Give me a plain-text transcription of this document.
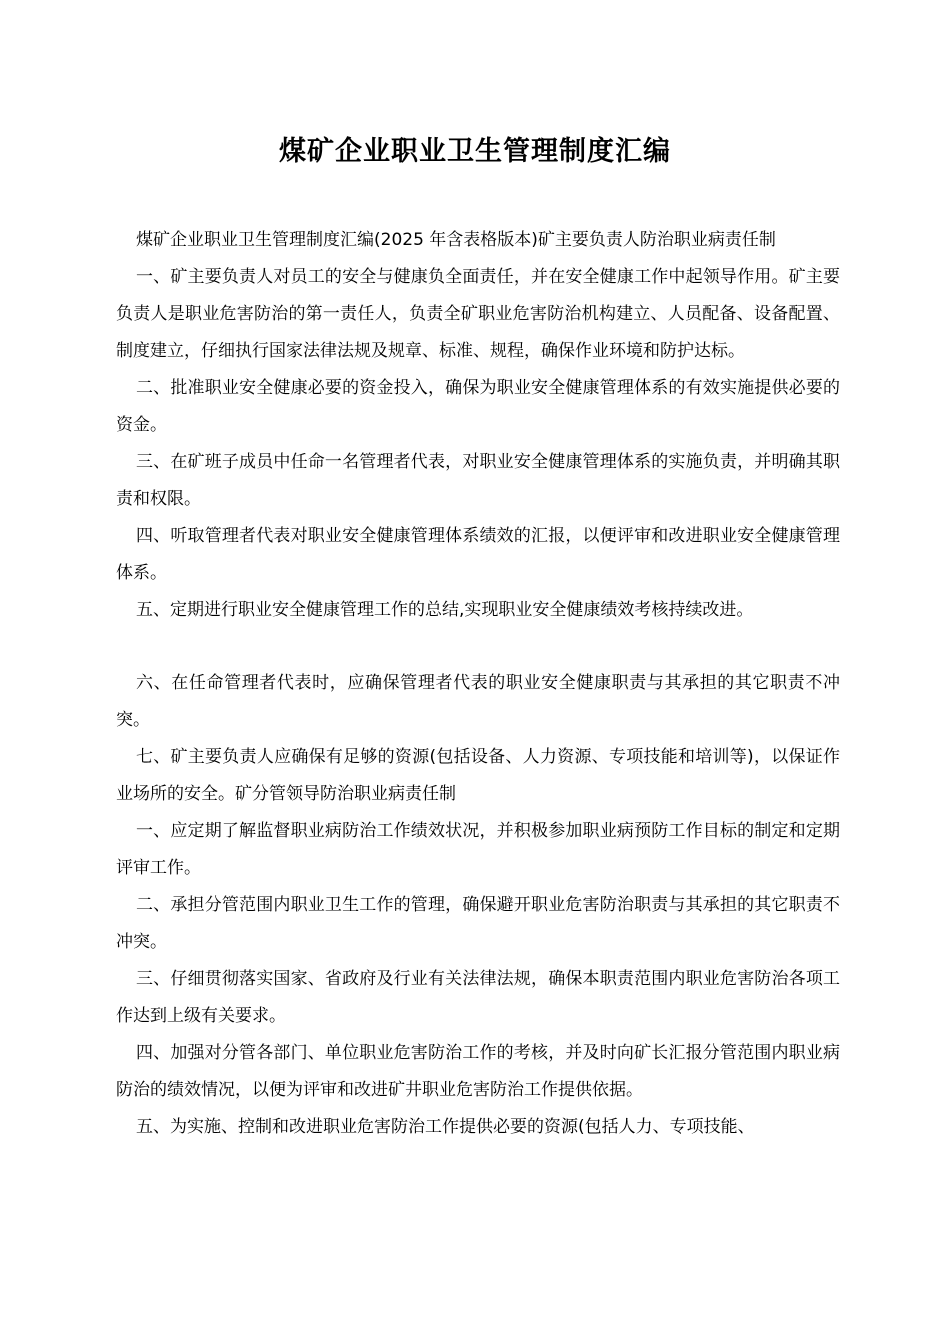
煤矿企业职业卫生管理制度汇编

煤矿企业职业卫生管理制度汇编(2025 年含表格版本)矿主要负责人防治职业病责任制

一、矿主要负责人对员工的安全与健康负全面责任，并在安全健康工作中起领导作用。矿主要负责人是职业危害防治的第一责任人，负责全矿职业危害防治机构建立、人员配备、设备配置、制度建立，仔细执行国家法律法规及规章、标准、规程，确保作业环境和防护达标。

二、批准职业安全健康必要的资金投入，确保为职业安全健康管理体系的有效实施提供必要的资金。

三、在矿班子成员中任命一名管理者代表，对职业安全健康管理体系的实施负责，并明确其职责和权限。

四、听取管理者代表对职业安全健康管理体系绩效的汇报，以便评审和改进职业安全健康管理体系。

五、定期进行职业安全健康管理工作的总结,实现职业安全健康绩效考核持续改进。

六、在任命管理者代表时，应确保管理者代表的职业安全健康职责与其承担的其它职责不冲突。

七、矿主要负责人应确保有足够的资源(包括设备、人力资源、专项技能和培训等)，以保证作业场所的安全。矿分管领导防治职业病责任制

一、应定期了解监督职业病防治工作绩效状况，并积极参加职业病预防工作目标的制定和定期评审工作。

二、承担分管范围内职业卫生工作的管理，确保避开职业危害防治职责与其承担的其它职责不冲突。

三、仔细贯彻落实国家、省政府及行业有关法律法规，确保本职责范围内职业危害防治各项工作达到上级有关要求。

四、加强对分管各部门、单位职业危害防治工作的考核，并及时向矿长汇报分管范围内职业病防治的绩效情况，以便为评审和改进矿井职业危害防治工作提供依据。

五、为实施、控制和改进职业危害防治工作提供必要的资源(包括人力、专项技能、
